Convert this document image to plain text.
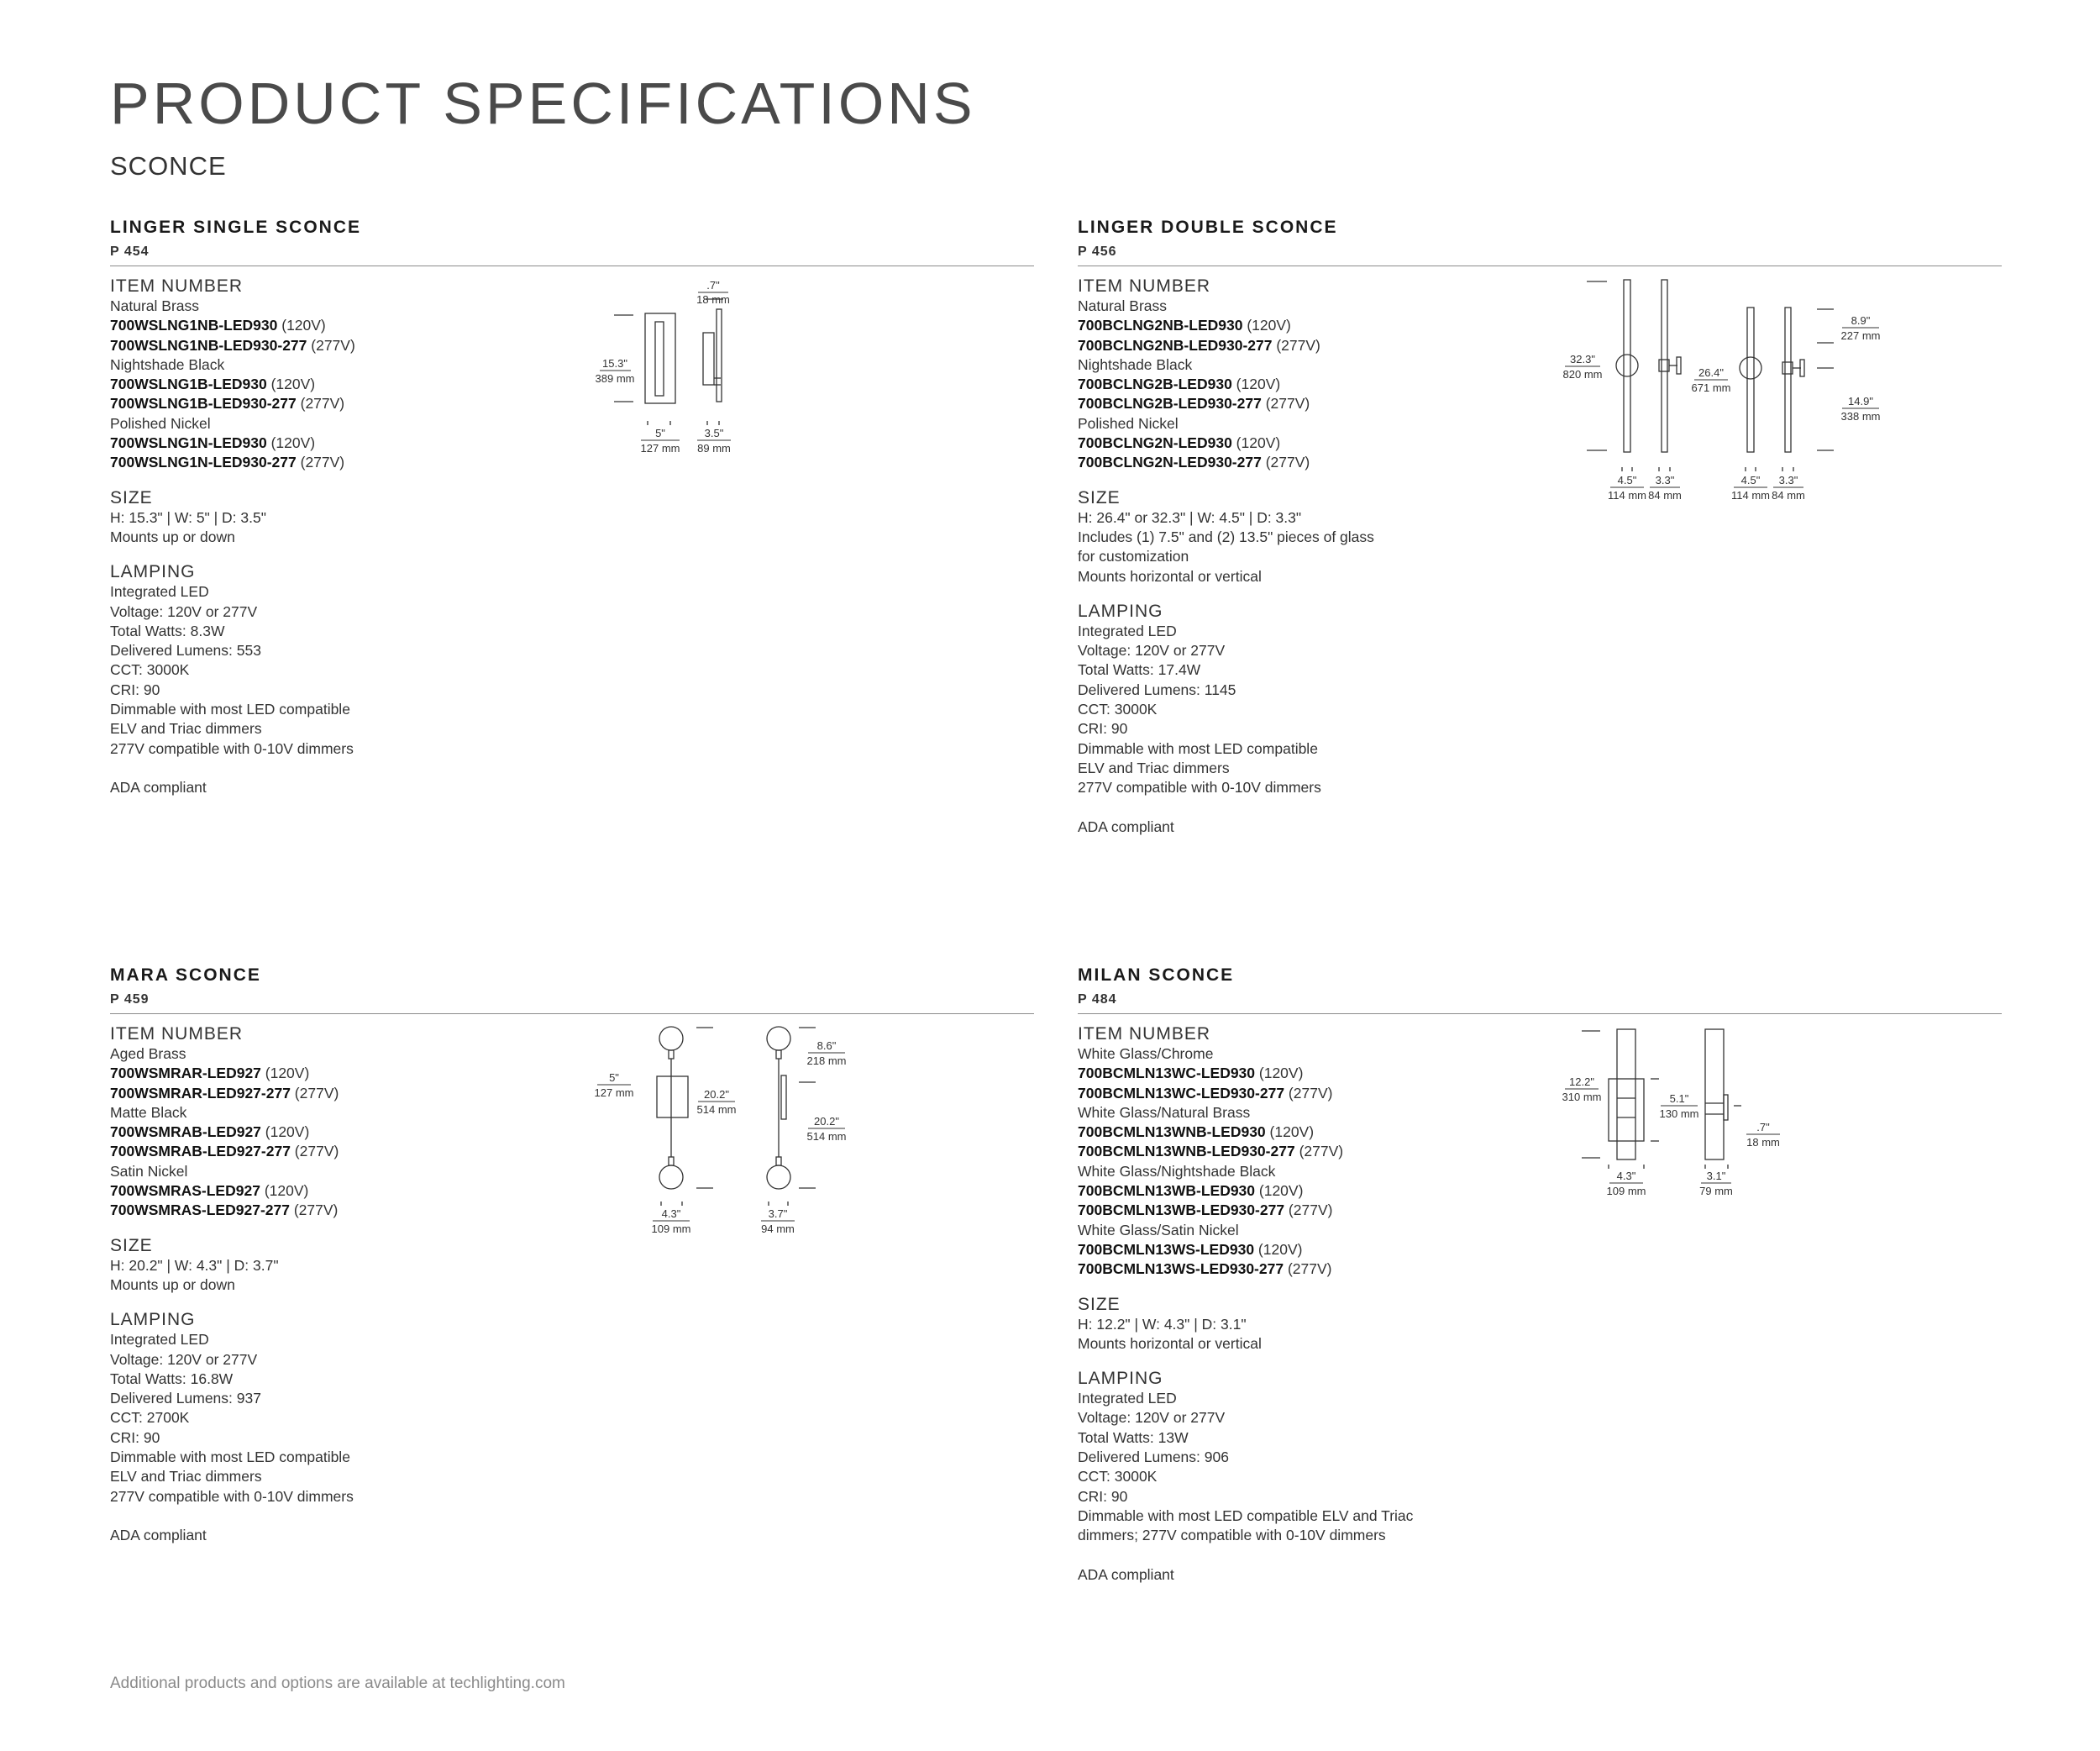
PRODUCT SPECIFICATIONS
SCONCE
LINGER SINGLE SCONCE
P 454
ITEM NUMBER
Natural Brass
700WSLNG1NB-LED930 (120V)
700WSLNG1NB-LED930-277 (277V)
Nightshade Black
700WSLNG1B-LED930 (120V)
700WSLNG1B-LED930-277 (277V)
Polished Nickel
700WSLNG1N-LED930 (120V)
700WSLNG1N-LED930-277 (277V)
SIZE
H: 15.3" | W: 5" | D: 3.5"
Mounts up or down
LAMPING
Integrated LED
Voltage: 120V or 277V
Total Watts: 8.3W
Delivered Lumens: 553
CCT: 3000K
CRI: 90
Dimmable with most LED compatible
ELV and Triac dimmers
277V compatible with 0-10V dimmers
ADA compliant
15.3"
389 mm
.7"
18 mm
5"
127 mm
3.5"
89 mm
LINGER DOUBLE SCONCE
P 456
ITEM NUMBER
Natural Brass
700BCLNG2NB-LED930 (120V)
700BCLNG2NB-LED930-277 (277V)
Nightshade Black
700BCLNG2B-LED930 (120V)
700BCLNG2B-LED930-277 (277V)
Polished Nickel
700BCLNG2N-LED930 (120V)
700BCLNG2N-LED930-277 (277V)
SIZE
H: 26.4" or 32.3" | W: 4.5" | D: 3.3"
Includes (1) 7.5" and (2) 13.5" pieces of glass
for customization
Mounts horizontal or vertical
LAMPING
Integrated LED
Voltage: 120V or 277V
Total Watts: 17.4W
Delivered Lumens: 1145
CCT: 3000K
CRI: 90
Dimmable with most LED compatible
ELV and Triac dimmers
277V compatible with 0-10V dimmers
ADA compliant
32.3"
820 mm	26.4"
671 mm
8.9"
227 mm
14.9"
338 mm
4.5"
114 mm
3.3"
84 mm
4.5"
114 mm
3.3"
84 mm
MARA SCONCE
P 459
ITEM NUMBER
Aged Brass
700WSMRAR-LED927 (120V)
700WSMRAR-LED927-277 (277V)
Matte Black
700WSMRAB-LED927 (120V)
700WSMRAB-LED927-277 (277V)
Satin Nickel
700WSMRAS-LED927 (120V)
700WSMRAS-LED927-277 (277V)
SIZE
H: 20.2" | W: 4.3" | D: 3.7"
Mounts up or down
LAMPING
Integrated LED
Voltage: 120V or 277V
Total Watts: 16.8W
Delivered Lumens: 937
CCT: 2700K
CRI: 90
Dimmable with most LED compatible
ELV and Triac dimmers
277V compatible with 0-10V dimmers
ADA compliant
5"
127 mm	20.2"
514 mm
8.6"
218 mm
20.2"
514 mm
4.3"
109 mm
3.7"
94 mm
MILAN SCONCE
P 484
ITEM NUMBER
White Glass/Chrome
700BCMLN13WC-LED930 (120V)
700BCMLN13WC-LED930-277 (277V)
White Glass/Natural Brass
700BCMLN13WNB-LED930 (120V)
700BCMLN13WNB-LED930-277 (277V)
White Glass/Nightshade Black
700BCMLN13WB-LED930 (120V)
700BCMLN13WB-LED930-277 (277V)
White Glass/Satin Nickel
700BCMLN13WS-LED930 (120V)
700BCMLN13WS-LED930-277 (277V)
SIZE
H: 12.2" | W: 4.3" | D: 3.1"
Mounts horizontal or vertical
LAMPING
Integrated LED
Voltage: 120V or 277V
Total Watts: 13W
Delivered Lumens: 906
CCT: 3000K
CRI: 90
Dimmable with most LED compatible ELV and Triac
dimmers; 277V compatible with 0-10V dimmers
ADA compliant
12.2"
310 mm	5.1"
130 mm
.7"
18 mm
4.3"
109 mm
3.1"
79 mm
Additional products and options are available at techlighting.com
